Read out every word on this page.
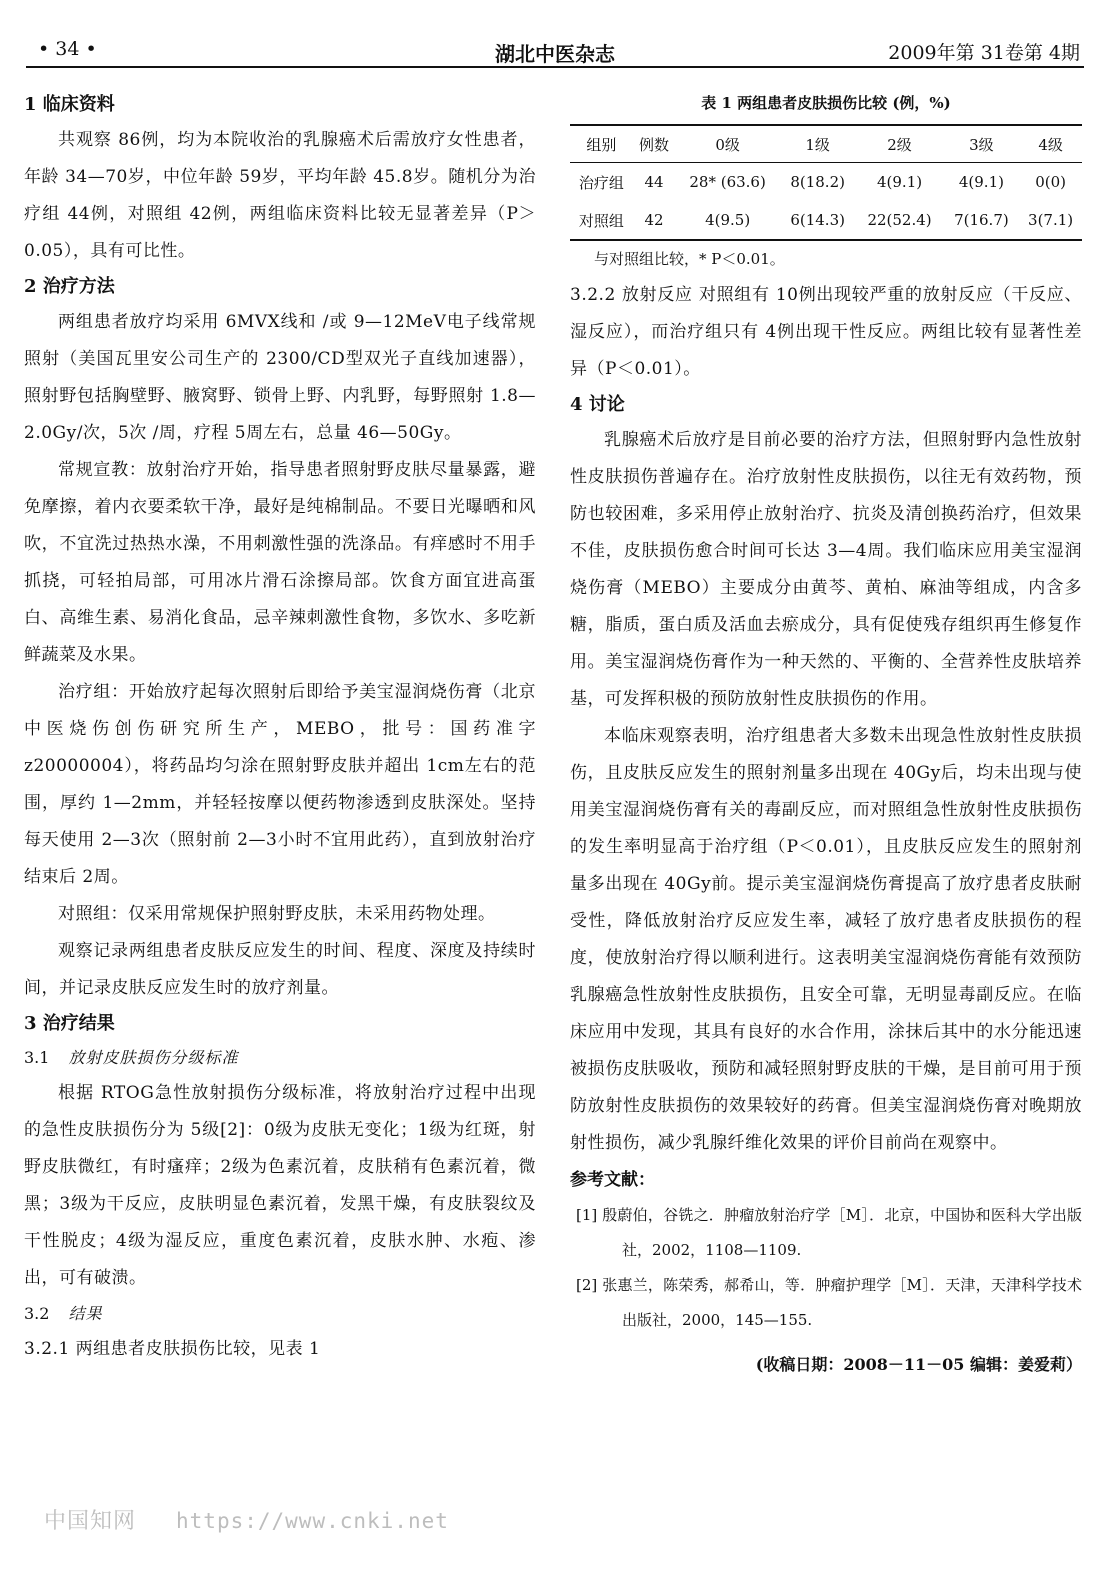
• 34 •	湖北中医杂志	2009年第 31卷第 4期

1 临床资料

共观察 86例，均为本院收治的乳腺癌术后需放疗女性患者，年龄 34—70岁，中位年龄 59岁，平均年龄 45.8岁。随机分为治疗组 44例，对照组 42例，两组临床资料比较无显著差异（P＞0.05），具有可比性。

2 治疗方法

两组患者放疗均采用 6MVX线和 /或 9—12MeV电子线常规照射（美国瓦里安公司生产的 2300/CD型双光子直线加速器），照射野包括胸壁野、腋窝野、锁骨上野、内乳野，每野照射 1.8—2.0Gy/次，5次 /周，疗程 5周左右，总量 46—50Gy。

常规宣教：放射治疗开始，指导患者照射野皮肤尽量暴露，避免摩擦，着内衣要柔软干净，最好是纯棉制品。不要日光曝晒和风吹，不宜洗过热热水澡，不用刺激性强的洗涤品。有痒感时不用手抓挠，可轻拍局部，可用冰片滑石涂擦局部。饮食方面宜进高蛋白、高维生素、易消化食品，忌辛辣刺激性食物，多饮水、多吃新鲜蔬菜及水果。

治疗组：开始放疗起每次照射后即给予美宝湿润烧伤膏（北京中医烧伤创伤研究所生产，MEBO，批号：国药准字 z20000004），将药品均匀涂在照射野皮肤并超出 1cm左右的范围，厚约 1—2mm，并轻轻按摩以便药物渗透到皮肤深处。坚持每天使用 2—3次（照射前 2—3小时不宜用此药），直到放射治疗结束后 2周。

对照组：仅采用常规保护照射野皮肤，未采用药物处理。

观察记录两组患者皮肤反应发生的时间、程度、深度及持续时间，并记录皮肤反应发生时的放疗剂量。

3 治疗结果

3.1 放射皮肤损伤分级标准

根据 RTOG急性放射损伤分级标准，将放射治疗过程中出现的急性皮肤损伤分为 5级[2]：0级为皮肤无变化；1级为红斑，射野皮肤微红，有时瘙痒；2级为色素沉着，皮肤稍有色素沉着，微黑；3级为干反应，皮肤明显色素沉着，发黑干燥，有皮肤裂纹及干性脱皮；4级为湿反应，重度色素沉着，皮肤水肿、水疱、渗出，可有破溃。

3.2 结果

3.2.1 两组患者皮肤损伤比较，见表 1

表 1 两组患者皮肤损伤比较 (例，%)
组别	例数	0级	1级	2级	3级	4级
治疗组	44	28* (63.6)	8(18.2)	4(9.1)	4(9.1)	0(0)
对照组	42	4(9.5)	6(14.3)	22(52.4)	7(16.7)	3(7.1)
与对照组比较，* P＜0.01。

3.2.2 放射反应 对照组有 10例出现较严重的放射反应（干反应、湿反应），而治疗组只有 4例出现干性反应。两组比较有显著性差异（P＜0.01）。

4 讨论

乳腺癌术后放疗是目前必要的治疗方法，但照射野内急性放射性皮肤损伤普遍存在。治疗放射性皮肤损伤，以往无有效药物，预防也较困难，多采用停止放射治疗、抗炎及清创换药治疗，但效果不佳，皮肤损伤愈合时间可长达 3—4周。我们临床应用美宝湿润烧伤膏（MEBO）主要成分由黄芩、黄柏、麻油等组成，内含多糖，脂质，蛋白质及活血去瘀成分，具有促使残存组织再生修复作用。美宝湿润烧伤膏作为一种天然的、平衡的、全营养性皮肤培养基，可发挥积极的预防放射性皮肤损伤的作用。

本临床观察表明，治疗组患者大多数未出现急性放射性皮肤损伤，且皮肤反应发生的照射剂量多出现在 40Gy后，均未出现与使用美宝湿润烧伤膏有关的毒副反应，而对照组急性放射性皮肤损伤的发生率明显高于治疗组（P＜0.01），且皮肤反应发生的照射剂量多出现在 40Gy前。提示美宝湿润烧伤膏提高了放疗患者皮肤耐受性，降低放射治疗反应发生率，减轻了放疗患者皮肤损伤的程度，使放射治疗得以顺利进行。这表明美宝湿润烧伤膏能有效预防乳腺癌急性放射性皮肤损伤，且安全可靠，无明显毒副反应。在临床应用中发现，其具有良好的水合作用，涂抹后其中的水分能迅速被损伤皮肤吸收，预防和减轻照射野皮肤的干燥，是目前可用于预防放射性皮肤损伤的效果较好的药膏。但美宝湿润烧伤膏对晚期放射性损伤，减少乳腺纤维化效果的评价目前尚在观察中。

参考文献：
[1] 殷蔚伯，谷铣之．肿瘤放射治疗学［M］．北京，中国协和医科大学出版社，2002，1108—1109.
[2] 张惠兰，陈荣秀，郝希山，等．肿瘤护理学［M］．天津，天津科学技术出版社，2000，145—155.
(收稿日期：2008－11－05 编辑：姜爱莉）
中国知网 https://www.cnki.net
